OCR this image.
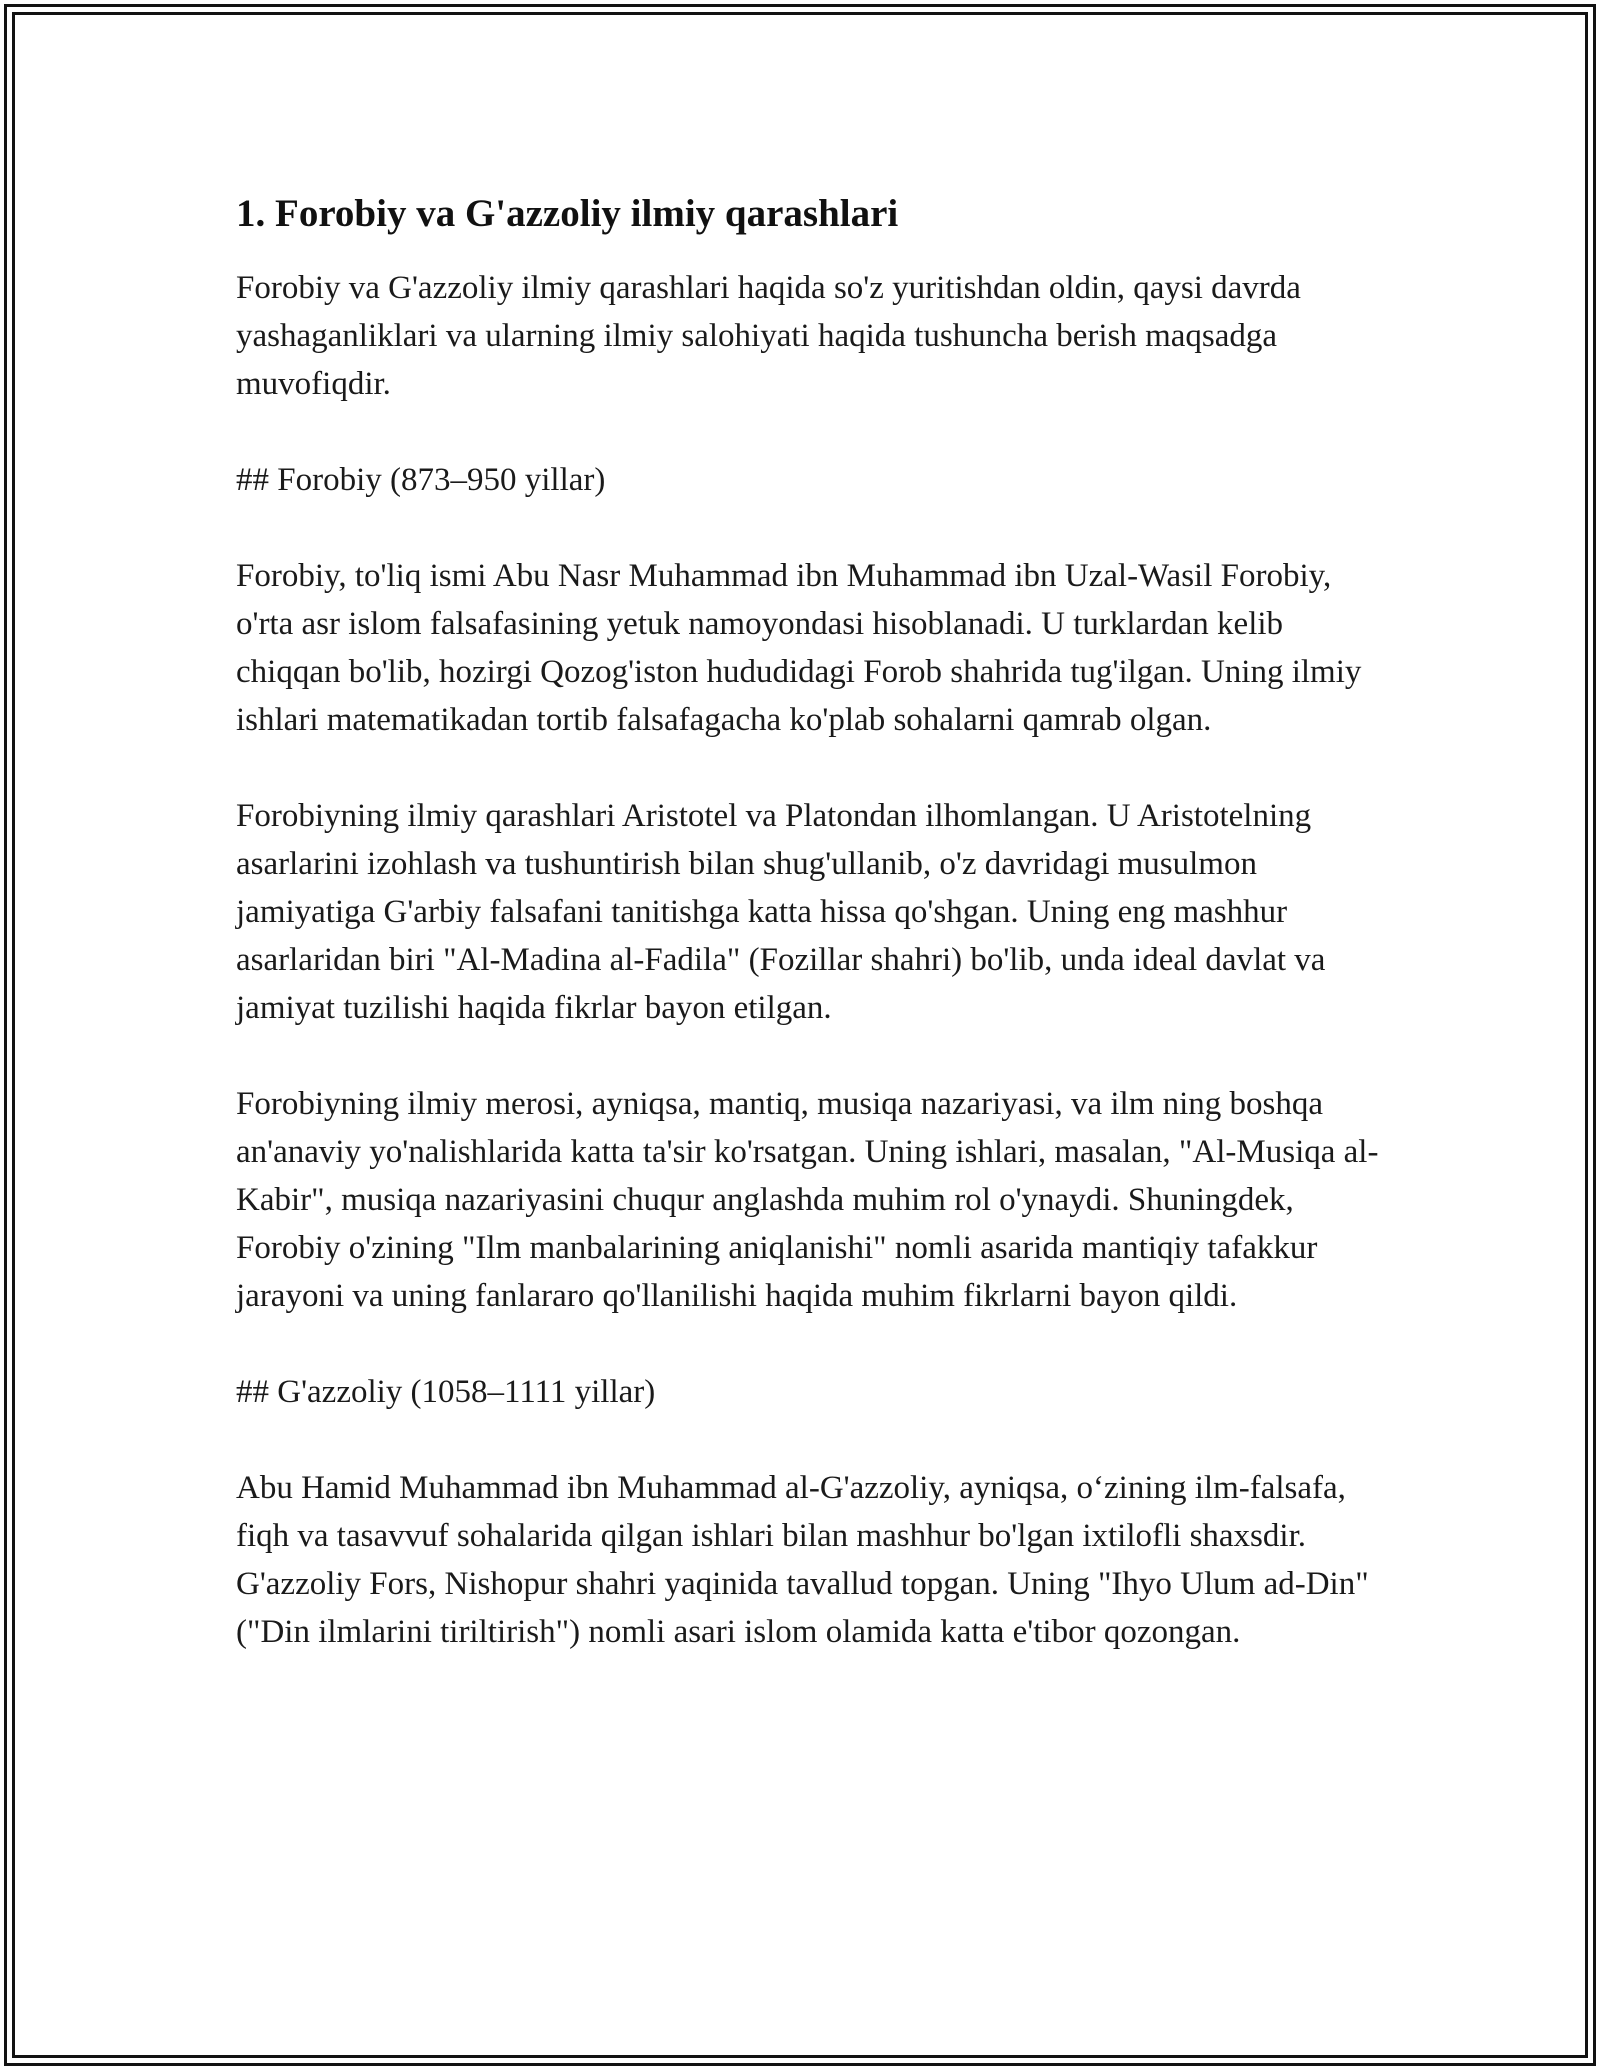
1. Forobiy va G'azzoliy ilmiy qarashlari

Forobiy va G'azzoliy ilmiy qarashlari haqida so'z yuritishdan oldin, qaysi davrda yashaganliklari va ularning ilmiy salohiyati haqida tushuncha berish maqsadga muvofiqdir.

## Forobiy (873–950 yillar)

Forobiy, to'liq ismi Abu Nasr Muhammad ibn Muhammad ibn Uzal-Wasil Forobiy, o'rta asr islom falsafasining yetuk namoyondasi hisoblanadi. U turklardan kelib chiqqan bo'lib, hozirgi Qozog'iston hududidagi Forob shahrida tug'ilgan. Uning ilmiy ishlari matematikadan tortib falsafagacha ko'plab sohalarni qamrab olgan.

Forobiyning ilmiy qarashlari Aristotel va Platondan ilhomlangan. U Aristotelning asarlarini izohlash va tushuntirish bilan shug'ullanib, o'z davridagi musulmon jamiyatiga G'arbiy falsafani tanitishga katta hissa qo'shgan. Uning eng mashhur asarlaridan biri "Al-Madina al-Fadila" (Fozillar shahri) bo'lib, unda ideal davlat va jamiyat tuzilishi haqida fikrlar bayon etilgan.

Forobiyning ilmiy merosi, ayniqsa, mantiq, musiqa nazariyasi, va ilm ning boshqa an'anaviy yo'nalishlarida katta ta'sir ko'rsatgan. Uning ishlari, masalan, "Al-Musiqa al-Kabir", musiqa nazariyasini chuqur anglashda muhim rol o'ynaydi. Shuningdek, Forobiy o'zining "Ilm manbalarining aniqlanishi" nomli asarida mantiqiy tafakkur jarayoni va uning fanlararo qo'llanilishi haqida muhim fikrlarni bayon qildi.

## G'azzoliy (1058–1111 yillar)

Abu Hamid Muhammad ibn Muhammad al-G'azzoliy, ayniqsa, o‘zining ilm-falsafa, fiqh va tasavvuf sohalarida qilgan ishlari bilan mashhur bo'lgan ixtilofli shaxsdir. G'azzoliy Fors, Nishopur shahri yaqinida tavallud topgan. Uning "Ihyo Ulum ad-Din" ("Din ilmlarini tiriltirish") nomli asari islom olamida katta e'tibor qozongan.
